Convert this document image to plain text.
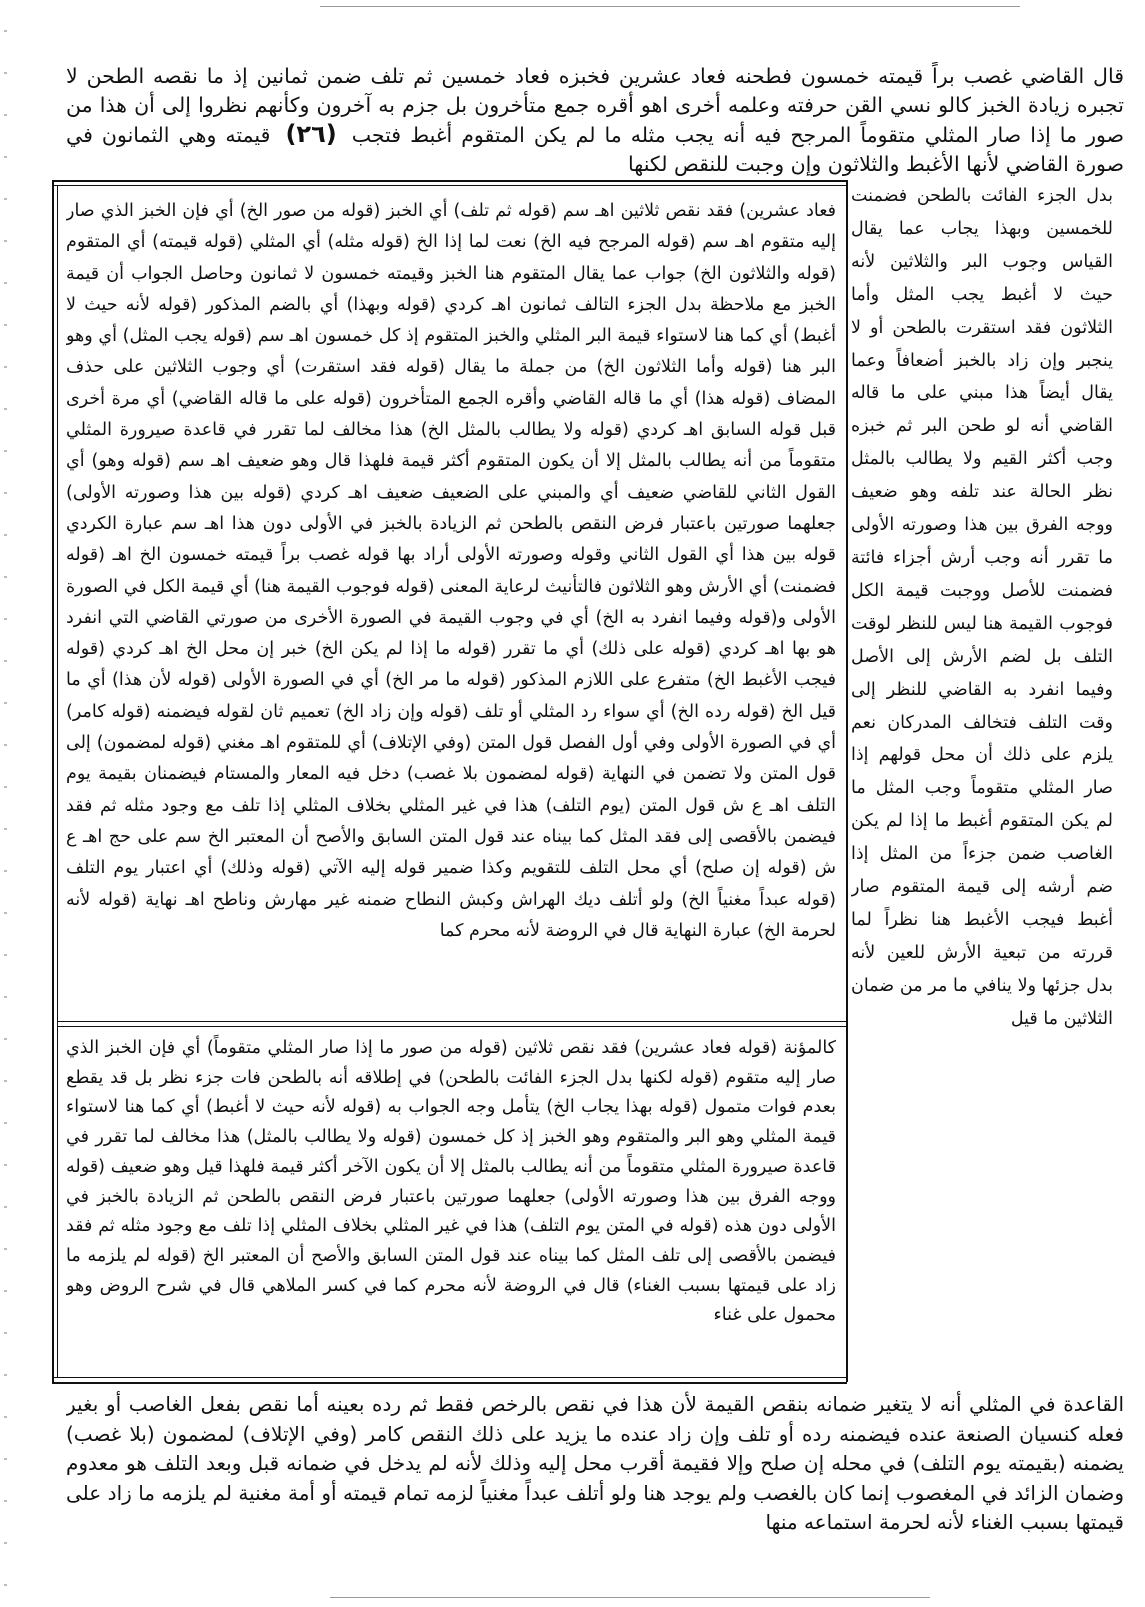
قال القاضي غصب براً قيمته خمسون فطحنه فعاد عشرين فخبزه فعاد خمسين ثم تلف ضمن ثمانين إذ ما نقصه الطحن لا تجبره زيادة الخبز كالو نسي القن حرفته وعلمه أخرى اهو أقره جمع متأخرون بل جزم به آخرون وكأنهم نظروا إلى أن هذا من صور ما إذا صار المثلي متقوماً المرجح فيه أنه يجب مثله ما لم يكن المتقوم أغبط فتجب (٢٦) قيمته وهي الثمانون في صورة القاضي لأنها الأغبط والثلاثون وإن وجبت للنقص لكنها
بدل الجزء الفائت بالطحن فضمنت للخمسين وبهذا يجاب عما يقال القياس وجوب البر والثلاثين لأنه حيث لا أغبط يجب المثل وأما الثلاثون فقد استقرت بالطحن أو لا ينجبر وإن زاد بالخبز أضعافاً وعما يقال أيضاً هذا مبني على ما قاله القاضي أنه لو طحن البر ثم خبزه وجب أكثر القيم ولا يطالب بالمثل نظر الحالة عند تلفه وهو ضعيف ووجه الفرق بين هذا وصورته الأولى ما تقرر أنه وجب أرش أجزاء فائتة فضمنت للأصل ووجبت قيمة الكل فوجوب القيمة هنا ليس للنظر لوقت التلف بل لضم الأرش إلى الأصل وفيما انفرد به القاضي للنظر إلى وقت التلف فتخالف المدركان نعم يلزم على ذلك أن محل قولهم إذا صار المثلي متقوماً وجب المثل ما لم يكن المتقوم أغبط ما إذا لم يكن الغاصب ضمن جزءاً من المثل إذا ضم أرشه إلى قيمة المتقوم صار أغبط فيجب الأغبط هنا نظراً لما قررته من تبعية الأرش للعين لأنه بدل جزئها ولا ينافي ما مر من ضمان الثلاثين ما قيل
فعاد عشرين) فقد نقص ثلاثين اهـ سم (قوله ثم تلف) أي الخبز (قوله من صور الخ) أي فإن الخبز الذي صار إليه متقوم اهـ سم (قوله المرجح فيه الخ) نعت لما إذا الخ (قوله مثله) أي المثلي (قوله قيمته) أي المتقوم (قوله والثلاثون الخ) جواب عما يقال المتقوم هنا الخبز وقيمته خمسون لا ثمانون وحاصل الجواب أن قيمة الخبز مع ملاحظة بدل الجزء التالف ثمانون اهـ كردي (قوله وبهذا) أي بالضم المذكور (قوله لأنه حيث لا أغبط) أي كما هنا لاستواء قيمة البر المثلي والخبز المتقوم إذ كل خمسون اهـ سم (قوله يجب المثل) أي وهو البر هنا (قوله وأما الثلاثون الخ) من جملة ما يقال (قوله فقد استقرت) أي وجوب الثلاثين على حذف المضاف (قوله هذا) أي ما قاله القاضي وأقره الجمع المتأخرون (قوله على ما قاله القاضي) أي مرة أخرى قبل قوله السابق اهـ كردي (قوله ولا يطالب بالمثل الخ) هذا مخالف لما تقرر في قاعدة صيرورة المثلي متقوماً من أنه يطالب بالمثل إلا أن يكون المتقوم أكثر قيمة فلهذا قال وهو ضعيف اهـ سم (قوله وهو) أي القول الثاني للقاضي ضعيف أي والمبني على الضعيف ضعيف اهـ كردي (قوله بين هذا وصورته الأولى) جعلهما صورتين باعتبار فرض النقص بالطحن ثم الزيادة بالخبز في الأولى دون هذا اهـ سم عبارة الكردي قوله بين هذا أي القول الثاني وقوله وصورته الأولى أراد بها قوله غصب براً قيمته خمسون الخ اهـ (قوله فضمنت) أي الأرش وهو الثلاثون فالتأنيث لرعاية المعنى (قوله فوجوب القيمة هنا) أي قيمة الكل في الصورة الأولى و(قوله وفيما انفرد به الخ) أي في وجوب القيمة في الصورة الأخرى من صورتي القاضي التي انفرد هو بها اهـ كردي (قوله على ذلك) أي ما تقرر (قوله ما إذا لم يكن الخ) خبر إن محل الخ اهـ كردي (قوله فيجب الأغبط الخ) متفرع على اللازم المذكور (قوله ما مر الخ) أي في الصورة الأولى (قوله لأن هذا) أي ما قيل الخ (قوله رده الخ) أي سواء رد المثلي أو تلف (قوله وإن زاد الخ) تعميم ثان لقوله فيضمنه (قوله كامر) أي في الصورة الأولى وفي أول الفصل قول المتن (وفي الإتلاف) أي للمتقوم اهـ مغني (قوله لمضمون) إلى قول المتن ولا تضمن في النهاية (قوله لمضمون بلا غصب) دخل فيه المعار والمستام فيضمنان بقيمة يوم التلف اهـ ع ش قول المتن (يوم التلف) هذا في غير المثلي بخلاف المثلي إذا تلف مع وجود مثله ثم فقد فيضمن بالأقصى إلى فقد المثل كما بيناه عند قول المتن السابق والأصح أن المعتبر الخ سم على حج اهـ ع ش (قوله إن صلح) أي محل التلف للتقويم وكذا ضمير قوله إليه الآتي (قوله وذلك) أي اعتبار يوم التلف (قوله عبداً مغنياً الخ) ولو أتلف ديك الهراش وكبش النطاح ضمنه غير مهارش وناطح اهـ نهاية (قوله لأنه لحرمة الخ) عبارة النهاية قال في الروضة لأنه محرم كما
كالمؤنة (قوله فعاد عشرين) فقد نقص ثلاثين (قوله من صور ما إذا صار المثلي متقوماً) أي فإن الخبز الذي صار إليه متقوم (قوله لكنها بدل الجزء الفائت بالطحن) في إطلاقه أنه بالطحن فات جزء نظر بل قد يقطع بعدم فوات متمول (قوله بهذا يجاب الخ) يتأمل وجه الجواب به (قوله لأنه حيث لا أغبط) أي كما هنا لاستواء قيمة المثلي وهو البر والمتقوم وهو الخبز إذ كل خمسون (قوله ولا يطالب بالمثل) هذا مخالف لما تقرر في قاعدة صيرورة المثلي متقوماً من أنه يطالب بالمثل إلا أن يكون الآخر أكثر قيمة فلهذا قيل وهو ضعيف (قوله ووجه الفرق بين هذا وصورته الأولى) جعلهما صورتين باعتبار فرض النقص بالطحن ثم الزيادة بالخبز في الأولى دون هذه (قوله في المتن يوم التلف) هذا في غير المثلي بخلاف المثلي إذا تلف مع وجود مثله ثم فقد فيضمن بالأقصى إلى تلف المثل كما بيناه عند قول المتن السابق والأصح أن المعتبر الخ (قوله لم يلزمه ما زاد على قيمتها بسبب الغناء) قال في الروضة لأنه محرم كما في كسر الملاهي قال في شرح الروض وهو محمول على غناء
القاعدة في المثلي أنه لا يتغير ضمانه بنقص القيمة لأن هذا في نقص بالرخص فقط ثم رده بعينه أما نقص بفعل الغاصب أو بغير فعله كنسيان الصنعة عنده فيضمنه رده أو تلف وإن زاد عنده ما يزيد على ذلك النقص كامر (وفي الإتلاف) لمضمون (بلا غصب) يضمنه (بقيمته يوم التلف) في محله إن صلح وإلا فقيمة أقرب محل إليه وذلك لأنه لم يدخل في ضمانه قبل وبعد التلف هو معدوم وضمان الزائد في المغصوب إنما كان بالغصب ولم يوجد هنا ولو أتلف عبداً مغنياً لزمه تمام قيمته أو أمة مغنية لم يلزمه ما زاد على قيمتها بسبب الغناء لأنه لحرمة استماعه منها
